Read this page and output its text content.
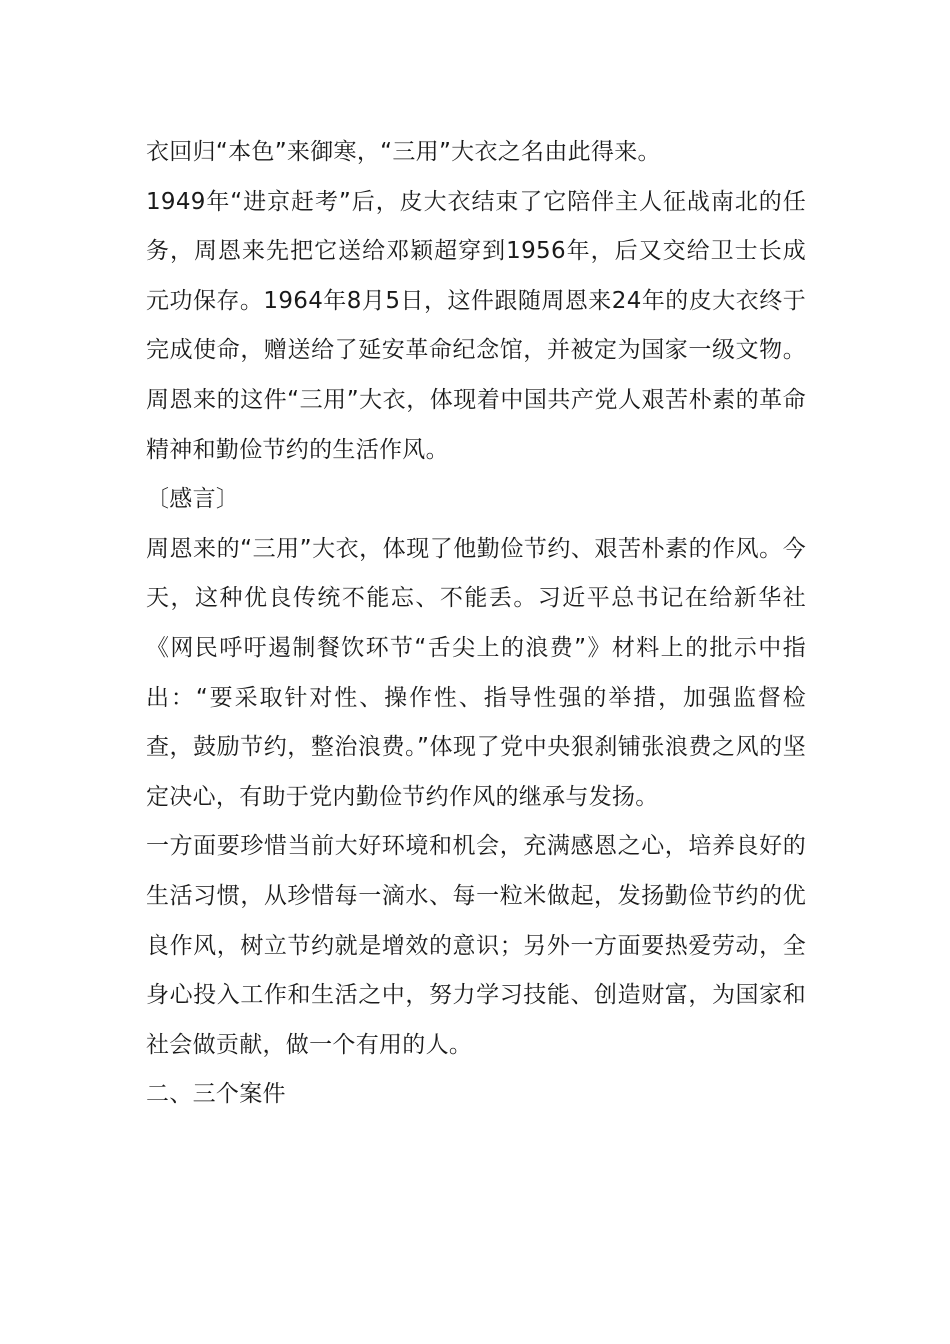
衣回归“本色”来御寒，“三用”大衣之名由此得来。

1949年“进京赶考”后，皮大衣结束了它陪伴主人征战南北的任务，周恩来先把它送给邓颖超穿到1956年，后又交给卫士长成元功保存。1964年8月5日，这件跟随周恩来24年的皮大衣终于完成使命，赠送给了延安革命纪念馆，并被定为国家一级文物。周恩来的这件“三用”大衣，体现着中国共产党人艰苦朴素的革命精神和勤俭节约的生活作风。

〔感言〕

周恩来的“三用”大衣，体现了他勤俭节约、艰苦朴素的作风。今天，这种优良传统不能忘、不能丢。习近平总书记在给新华社《网民呼吁遏制餐饮环节“舌尖上的浪费”》材料上的批示中指出：“要采取针对性、操作性、指导性强的举措，加强监督检查，鼓励节约，整治浪费。”体现了党中央狠刹铺张浪费之风的坚定决心，有助于党内勤俭节约作风的继承与发扬。

一方面要珍惜当前大好环境和机会，充满感恩之心，培养良好的生活习惯，从珍惜每一滴水、每一粒米做起，发扬勤俭节约的优良作风，树立节约就是增效的意识；另外一方面要热爱劳动，全身心投入工作和生活之中，努力学习技能、创造财富，为国家和社会做贡献，做一个有用的人。

二、三个案件
